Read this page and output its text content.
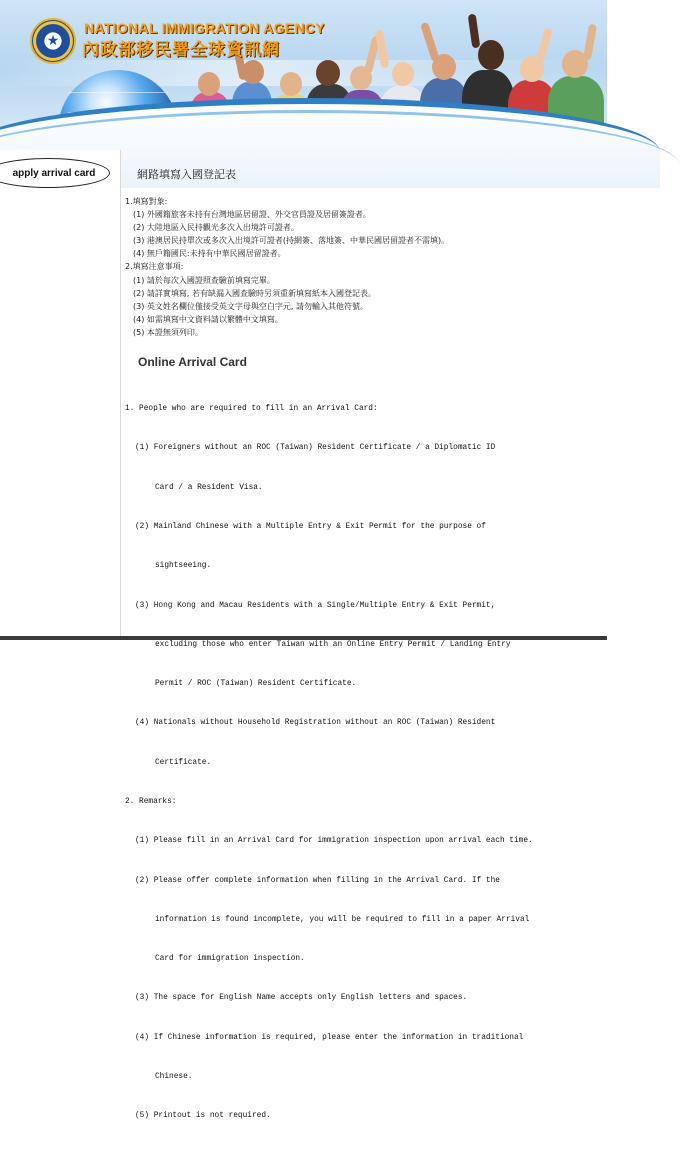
★
NATIONAL IMMIGRATION AGENCY
內政部移民署全球資訊網
apply arrival card	網路填寫入國登記表
1.填寫對象:
(1) 外國籍旅客未持有台灣地區居留證、外交官員證及居留簽證者。
(2) 大陸地區入民持觀光多次入出境許可證者。
(3) 港澳居民持單次或多次入出境許可證者(持網簽、落地簽、中華民國居留證者不需填)。
(4) 無戶籍國民:未持有中華民國居留證者。
2.填寫注意事項:
(1) 請於每次入國證照查驗前填寫完畢。
(2) 請詳實填寫, 若有缺漏入國查驗時另須重新填寫紙本入國登記表。
(3) 英文姓名欄位僅接受英文字母與空白字元, 請勿輸入其他符號。
(4) 如需填寫中文資料請以繁體中文填寫。
(5) 本證無須列印。
Online Arrival Card

1. People who are required to fill in an Arrival Card:

(1) Foreigners without an ROC (Taiwan) Resident Certificate / a Diplomatic ID

Card / a Resident Visa.

(2) Mainland Chinese with a Multiple Entry & Exit Permit for the purpose of

sightseeing.

(3) Hong Kong and Macau Residents with a Single/Multiple Entry & Exit Permit,

excluding those who enter Taiwan with an Online Entry Permit / Landing Entry

Permit / ROC (Taiwan) Resident Certificate.

(4) Nationals without Household Registration without an ROC (Taiwan) Resident

Certificate.

2. Remarks:

(1) Please fill in an Arrival Card for immigration inspection upon arrival each time.

(2) Please offer complete information when filling in the Arrival Card. If the

information is found incomplete, you will be required to fill in a paper Arrival

Card for immigration inspection.

(3) The space for English Name accepts only English letters and spaces.

(4) If Chinese information is required, please enter the information in traditional

Chinese.

(5) Printout is not required.
